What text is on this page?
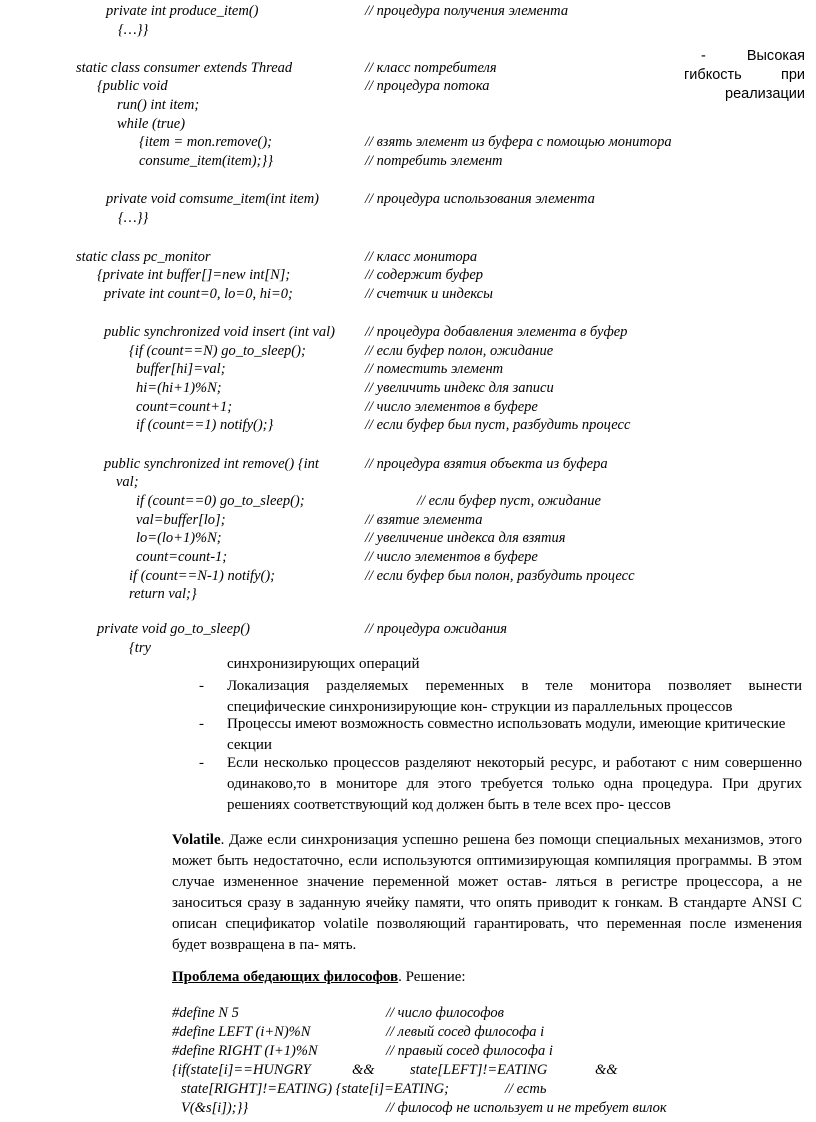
private int produce_item()	// процедура получения элемента
{…}}
static class consumer extends Thread	// класс потребителя
{public void	// процедура потока
run() int item;
while (true)
{item = mon.remove();	// взять элемент из буфера с помощью монитора
consume_item(item);}}	// потребить элемент
private void comsume_item(int item)	// процедура использования элемента
{…}}
static class pc_monitor	// класс монитора
{private int buffer[]=new int[N];	// содержит буфер
private int count=0, lo=0, hi=0;	// счетчик и индексы
public synchronized void insert (int val) // процедура добавления элемента в буфер
{if (count==N) go_to_sleep();	// если буфер полон, ожидание
buffer[hi]=val;	// поместить элемент
hi=(hi+1)%N;	// увеличить индекс для записи
count=count+1;	// число элементов в буфере
if (count==1) notify();}	// если буфер был пуст, разбудить процесс
public synchronized int remove() {int	// процедура взятия объекта из буфера
val;
if (count==0) go_to_sleep();	// если буфер пуст, ожидание
val=buffer[lo];	// взятие элемента
lo=(lo+1)%N;	// увеличение индекса для взятия
count=count-1;	// число элементов в буфере
if (count==N-1) notify();	// если буфер был полон, разбудить процесс
return val;}
private void go_to_sleep()	// процедура ожидания
{try
-	Высокая
гибкость	при
реализации
синхронизирующих операций
- Локализация разделяемых переменных в теле монитора позволяет вынести специфические синхронизирующие кон- струкции из параллельных процессов
- Процессы имеют возможность совместно использовать модули, имеющие критические секции
- Если несколько процессов разделяют некоторый ресурс, и работают с ним совершенно одинаково,то в мониторе для этого требуется только одна процедура. При других решениях соответствующий код должен быть в теле всех про- цессов
Volatile. Даже если синхронизация успешно решена без помощи специальных механизмов, этого может быть недостаточно, если используются оптимизирующая компиляция программы. В этом случае измененное значение переменной может остав- ляться в регистре процессора, а не заноситься сразу в заданную ячейку памяти, что опять приводит к гонкам. В стандарте ANSI C описан спецификатор volatile позволяющий гарантировать, что переменная после изменения будет возвращена в па- мять.
Проблема обедающих философов. Решение:
#define N 5	// число философов
#define LEFT (i+N)%N	// левый сосед философа i
#define RIGHT (I+1)%N	// правый сосед философа i
{if(state[i]==HUNGRY	&& state[LEFT]!=EATING	&&
state[RIGHT]!=EATING) {state[i]=EATING;	// есть
V(&s[i]);}}	// философ не использует и не требует вилок
